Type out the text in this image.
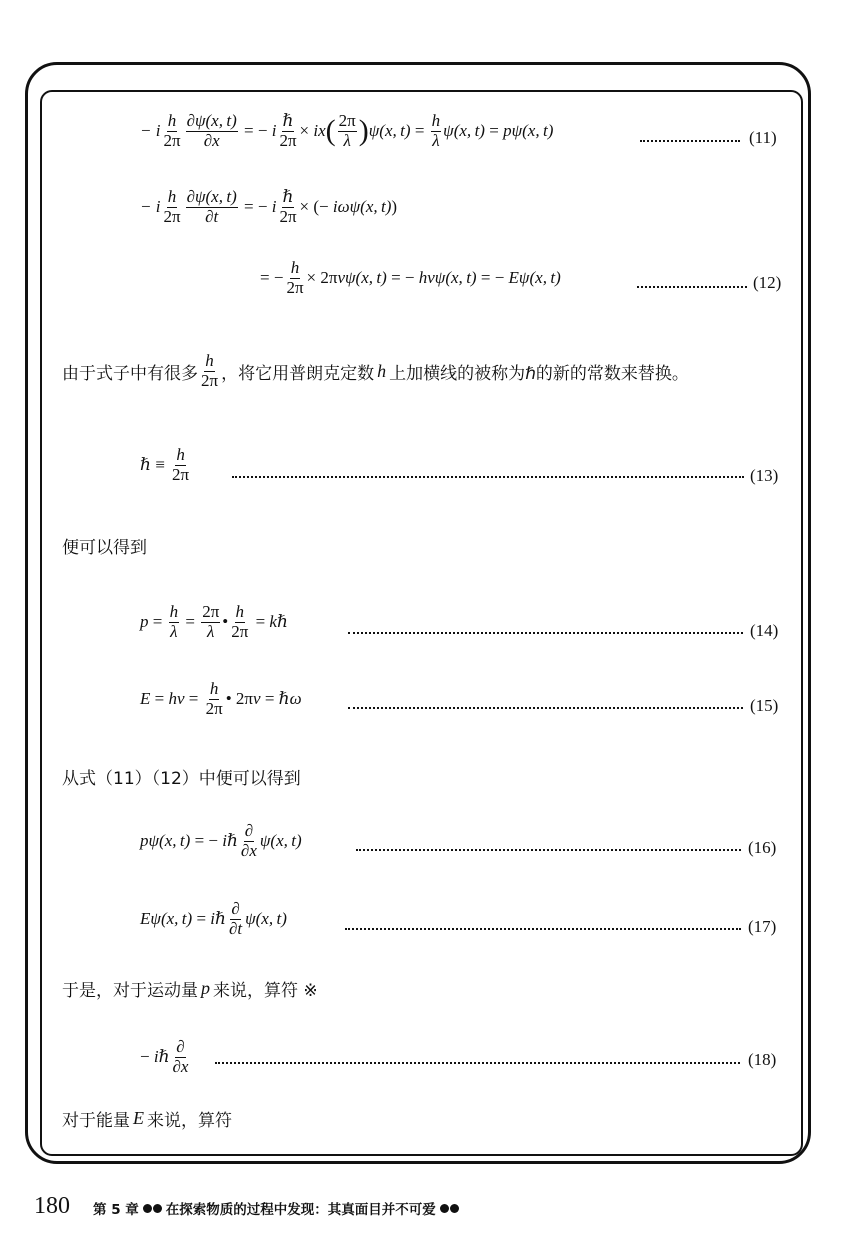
− i $\frac{h}{2\pi} \frac{\partial\psi(x, t)}{\partial x}$ = − i $\frac{\text{ℏ}}{2\pi}$ × ix ( $\frac{2\pi}{\lambda}$ ) ψ(x, $t) = \frac{h}{\lambda} \psi(x$, t) = pψ(x, t)	(11)
− i $\frac{h}{2\pi} \frac{\partial\psi(x, t)}{\partial t}$ = − i $\frac{\text{ℏ}}{2\pi}$ × (− iωψ(x, t) )
= − $\frac{h}{2\pi} \times 2\pi$ νψ(x, t) = − hνψ(x, t) = − Eψ(x, t)	(12)
由于式子中有很多 $\frac{h}{2\pi}$ ，将它用普朗克定数 h 上加横线的被称为ℏ的新的常数来替换。
ℏ ≡ $\frac{h}{2\pi}$	(13)
便可以得到
$p = \frac{h}{\lambda} = \frac{2\pi}{\lambda}$ • $\frac{h}{2\pi}$ = kℏ	(14)
$E = h\nu = \frac{h}{2\pi}$ • 2π ν = ℏω	(15)
从式（11）（12）中便可以得到
pψ(x, t) = − iℏ $\frac{\partial}{\partial x} \psi(x$, t)	(16)
Eψ(x, t) = iℏ $\frac{\partial}{\partial t} \psi(x$, t)	(17)
于是，对于运动量 p 来说，算符 ※
− iℏ $\frac{\partial}{\partial x}$	(18)
对于能量 E 来说，算符
180 第 5 章 在探索物质的过程中发现：其真面目并不可爱
